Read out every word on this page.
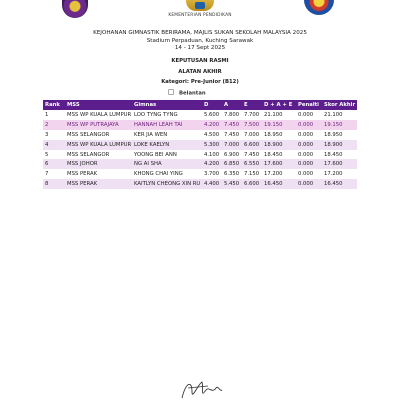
KEMENTERIAN PENDIDIKAN
KEJOHANAN GIMNASTIK BERIRAMA, MAJLIS SUKAN SEKOLAH MALAYSIA 2025
Stadium Perpaduan, Kuching Sarawak
14 - 17 Sept 2025
KEPUTUSAN RASMI
ALATAN AKHIR
Kategori: Pre-Junior (B12)
Belantan
Rank	MSS	Gimnas	D	A	E	D + A + E	Penalti	Skor Akhir
1	MSS WP KUALA LUMPUR	LOO TYNG TYNG	5.600	7.800	7.700	21.100	0.000	21.100
2	MSS WP PUTRAJAYA	HANNAH LEAH TAI	4.200	7.450	7.500	19.150	0.000	19.150
3	MSS SELANGOR	KER JIA WEN	4.500	7.450	7.000	18.950	0.000	18.950
4	MSS WP KUALA LUMPUR	LOKE KAELYN	5.300	7.000	6.600	18.900	0.000	18.900
5	MSS SELANGOR	YOONG BEI ANN	4.100	6.900	7.450	18.450	0.000	18.450
6	MSS JOHOR	NG AI SHA	4.200	6.850	6.550	17.600	0.000	17.600
7	MSS PERAK	KHONG CHAI YING	3.700	6.350	7.150	17.200	0.000	17.200
8	MSS PERAK	KAITLYN CHEONG XIN RU	4.400	5.450	6.600	16.450	0.000	16.450
